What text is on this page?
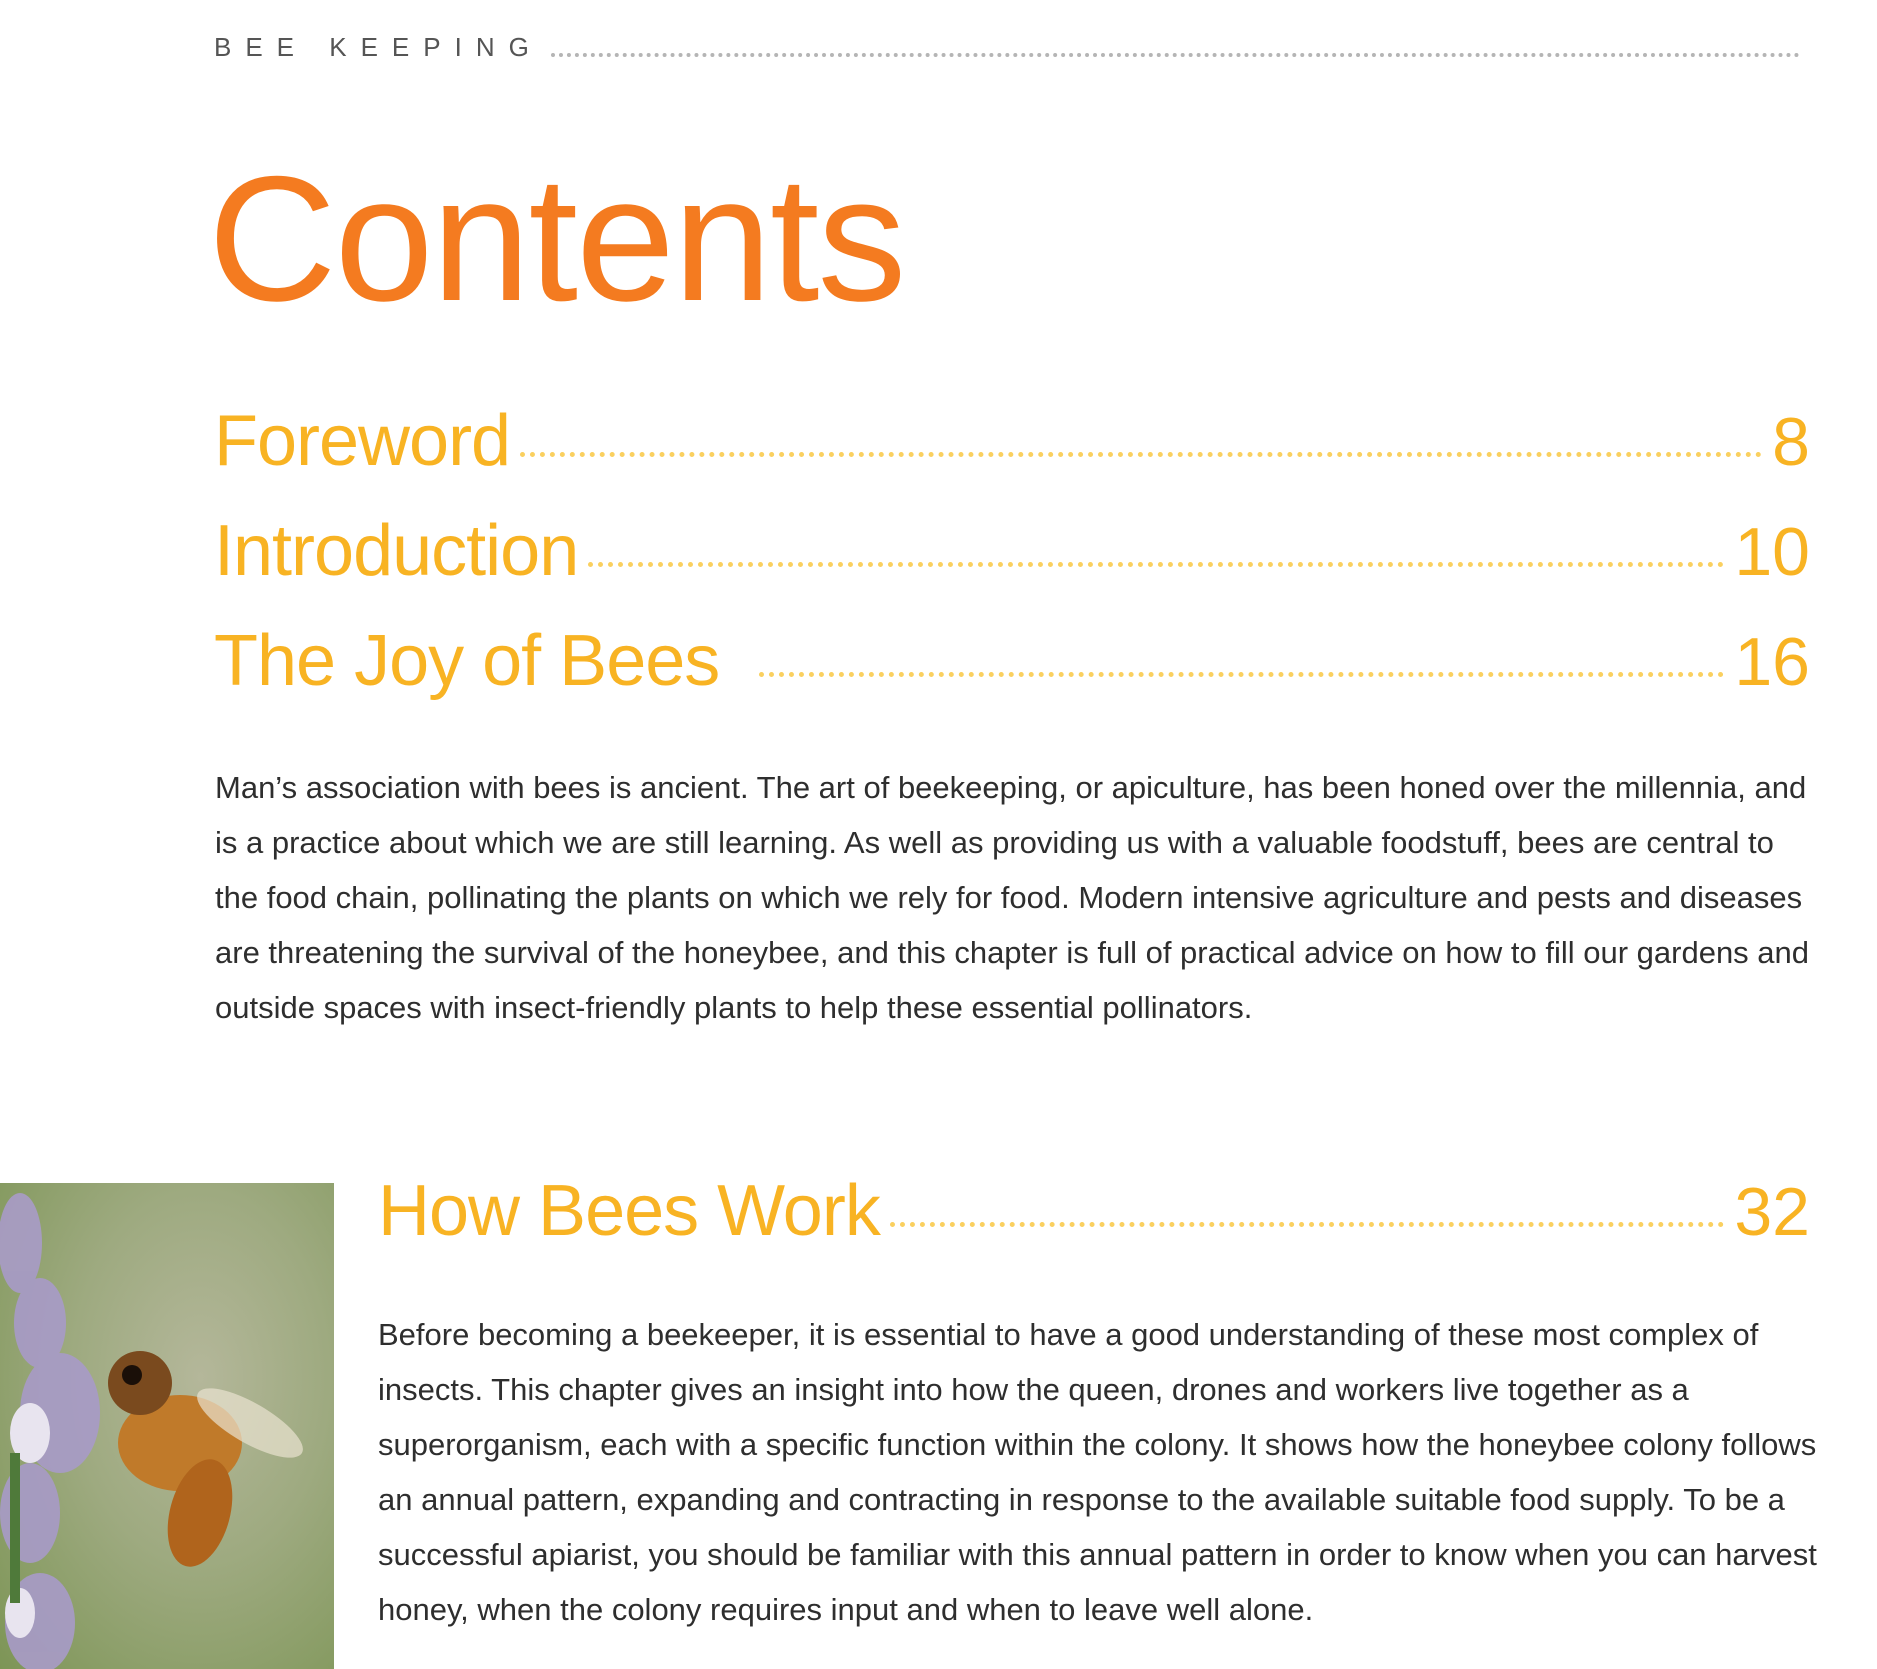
BEE KEEPING
Contents
Foreword	8
Introduction	10
The Joy of Bees	16
Man’s association with bees is ancient. The art of beekeeping, or apiculture, has been honed over the millennia, and is a practice about which we are still learning. As well as providing us with a valuable foodstuff, bees are central to the food chain, pollinating the plants on which we rely for food. Modern intensive agriculture and pests and diseases are threatening the survival of the honeybee, and this chapter is full of practical advice on how to fill our gardens and outside spaces with insect-friendly plants to help these essential pollinators.
How Bees Work	32
Before becoming a beekeeper, it is essential to have a good understanding of these most complex of insects. This chapter gives an insight into how the queen, drones and workers live together as a superorganism, each with a specific function within the colony. It shows how the honeybee colony follows an annual pattern, expanding and contracting in response to the available suitable food supply. To be a successful apiarist, you should be familiar with this annual pattern in order to know when you can harvest honey, when the colony requires input and when to leave well alone.
